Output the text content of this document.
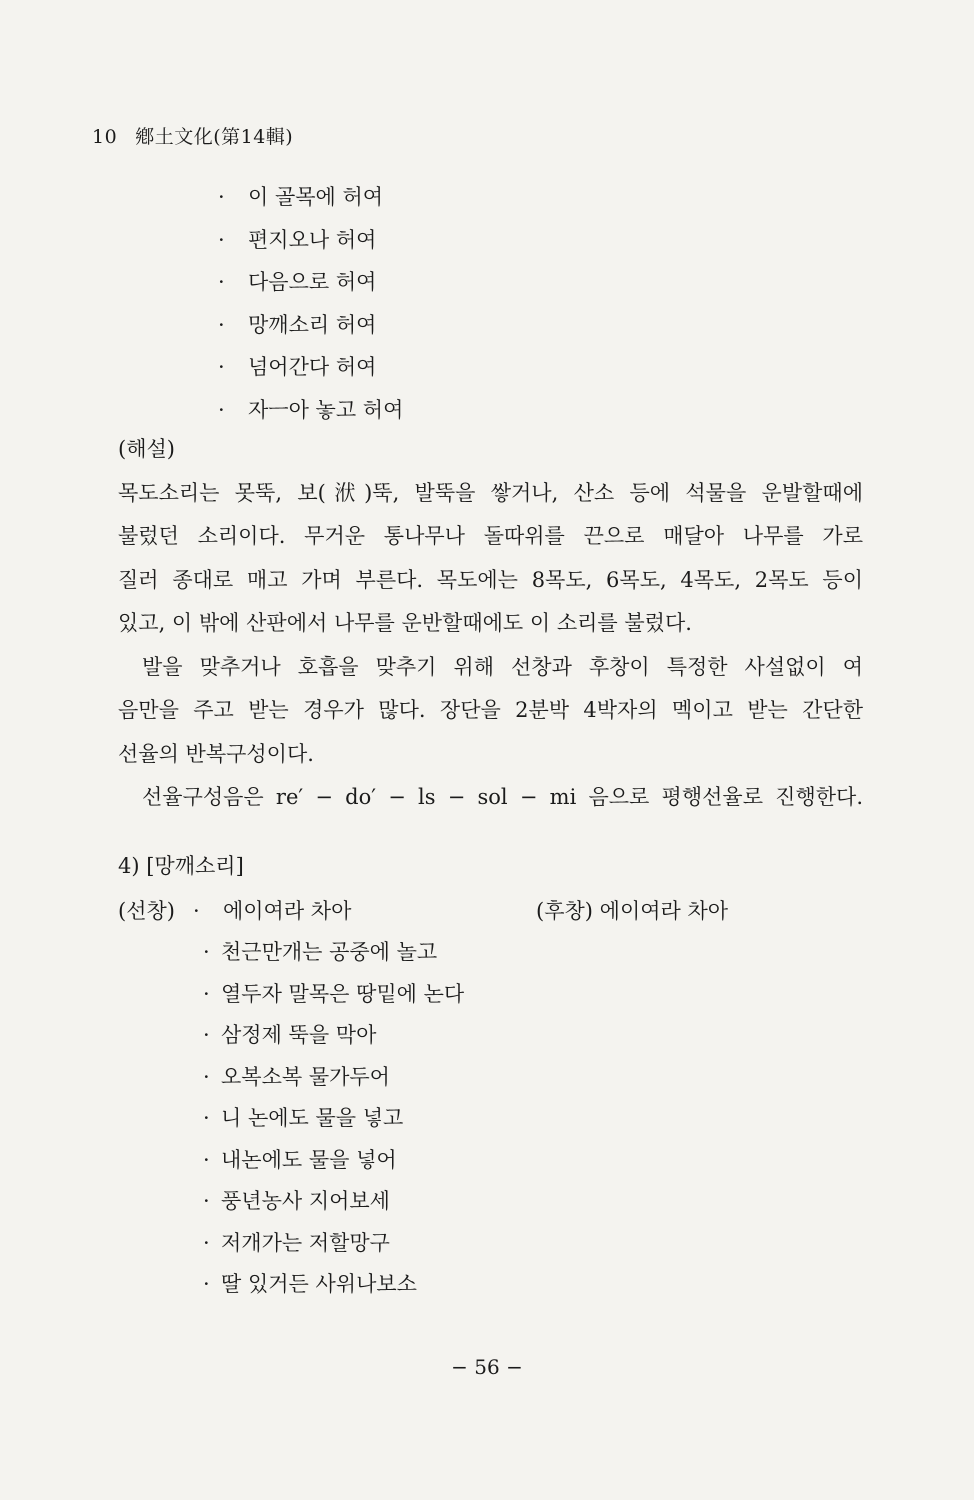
10 鄕土文化(第14輯)
· 이 골목에 허여
· 편지오나 허여
· 다음으로 허여
· 망깨소리 허여
· 넘어간다 허여
· 자ㅡ아 놓고 허여
(해설)
목도소리는 못뚝, 보(洑)뚝, 발뚝을 쌓거나, 산소 등에 석물을 운발할때에
불렀던 소리이다. 무거운 통나무나 돌따위를 끈으로 매달아 나무를 가로
질러 종대로 매고 가며 부른다. 목도에는 8목도, 6목도, 4목도, 2목도 등이
있고, 이 밖에 산판에서 나무를 운반할때에도 이 소리를 불렀다.
발을 맞추거나 호흡을 맞추기 위해 선창과 후창이 특정한 사설없이 여
음만을 주고 받는 경우가 많다. 장단을 2분박 4박자의 멕이고 받는 간단한
선율의 반복구성이다.
선율구성음은 re′ − do′ − ls − sol − mi 음으로 평행선율로 진행한다.
4) [망깨소리]
(선창) · 에이여라 차아	(후창) 에이여라 차아
· 천근만개는 공중에 놀고
· 열두자 말목은 땅밑에 논다
· 삼정제 뚝을 막아
· 오복소복 물가두어
· 니 논에도 물을 넣고
· 내논에도 물을 넣어
· 풍년농사 지어보세
· 저개가는 저할망구
· 딸 있거든 사위나보소
− 56 −
